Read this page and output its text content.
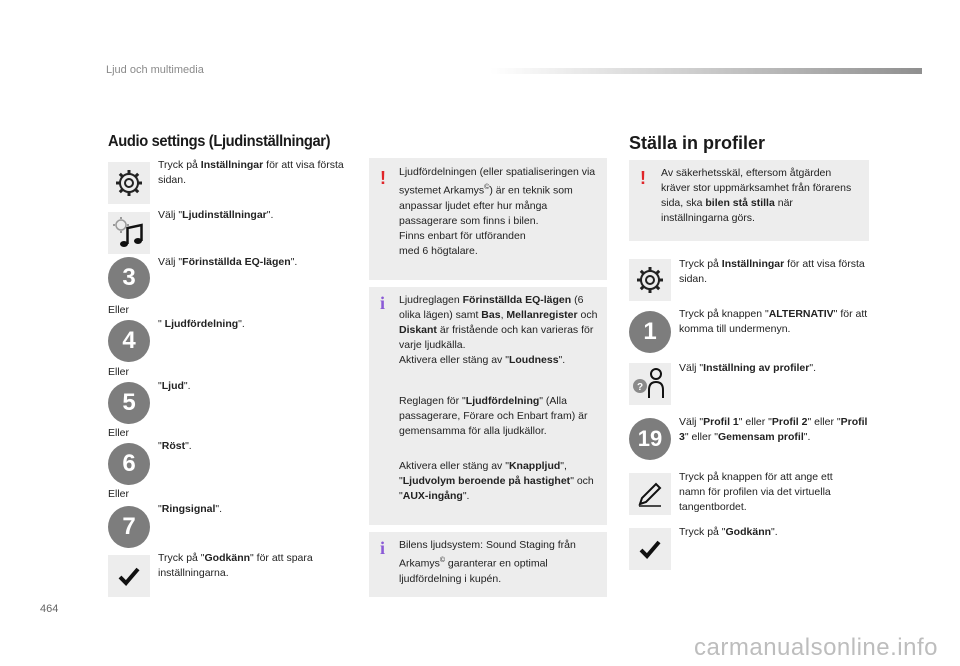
Ljud och multimedia
Audio settings (Ljudinställningar)	Ställa in profiler
Tryck på Inställningar för att visa första sidan.
Välj "Ljudinställningar".
3
Välj "Förinställda EQ-lägen".
Eller
4
" Ljudfördelning".
Eller
5
"Ljud".
Eller
6
"Röst".
Eller
7
"Ringsignal".
Tryck på "Godkänn" för att spara inställningarna.
! Ljudfördelningen (eller spatialiseringen via systemet Arkamys©) är en teknik som anpassar ljudet efter hur många passagerare som finns i bilen.
Finns enbart för utföranden
med 6 högtalare.
i Ljudreglagen Förinställda EQ-lägen (6 olika lägen) samt Bas, Mellanregister och Diskant är fristående och kan varieras för varje ljudkälla.
Aktivera eller stäng av "Loudness".
Reglagen för "Ljudfördelning" (Alla passagerare, Förare och Enbart fram) är gemensamma för alla ljudkällor.
Aktivera eller stäng av "Knappljud", "Ljudvolym beroende på hastighet" och "AUX-ingång".
i Bilens ljudsystem: Sound Staging från Arkamys© garanterar en optimal ljudfördelning i kupén.
! Av säkerhetsskäl, eftersom åtgärden kräver stor uppmärksamhet från förarens sida, ska bilen stå stilla när inställningarna görs.
Tryck på Inställningar för att visa första sidan.
1
Tryck på knappen "ALTERNATIV" för att komma till undermenyn.
?
Välj "Inställning av profiler".
19
Välj "Profil 1" eller "Profil 2" eller "Profil 3" eller "Gemensam profil".
Tryck på knappen för att ange ett namn för profilen via det virtuella tangentbordet.
Tryck på "Godkänn".
464
carmanualsonline.info
